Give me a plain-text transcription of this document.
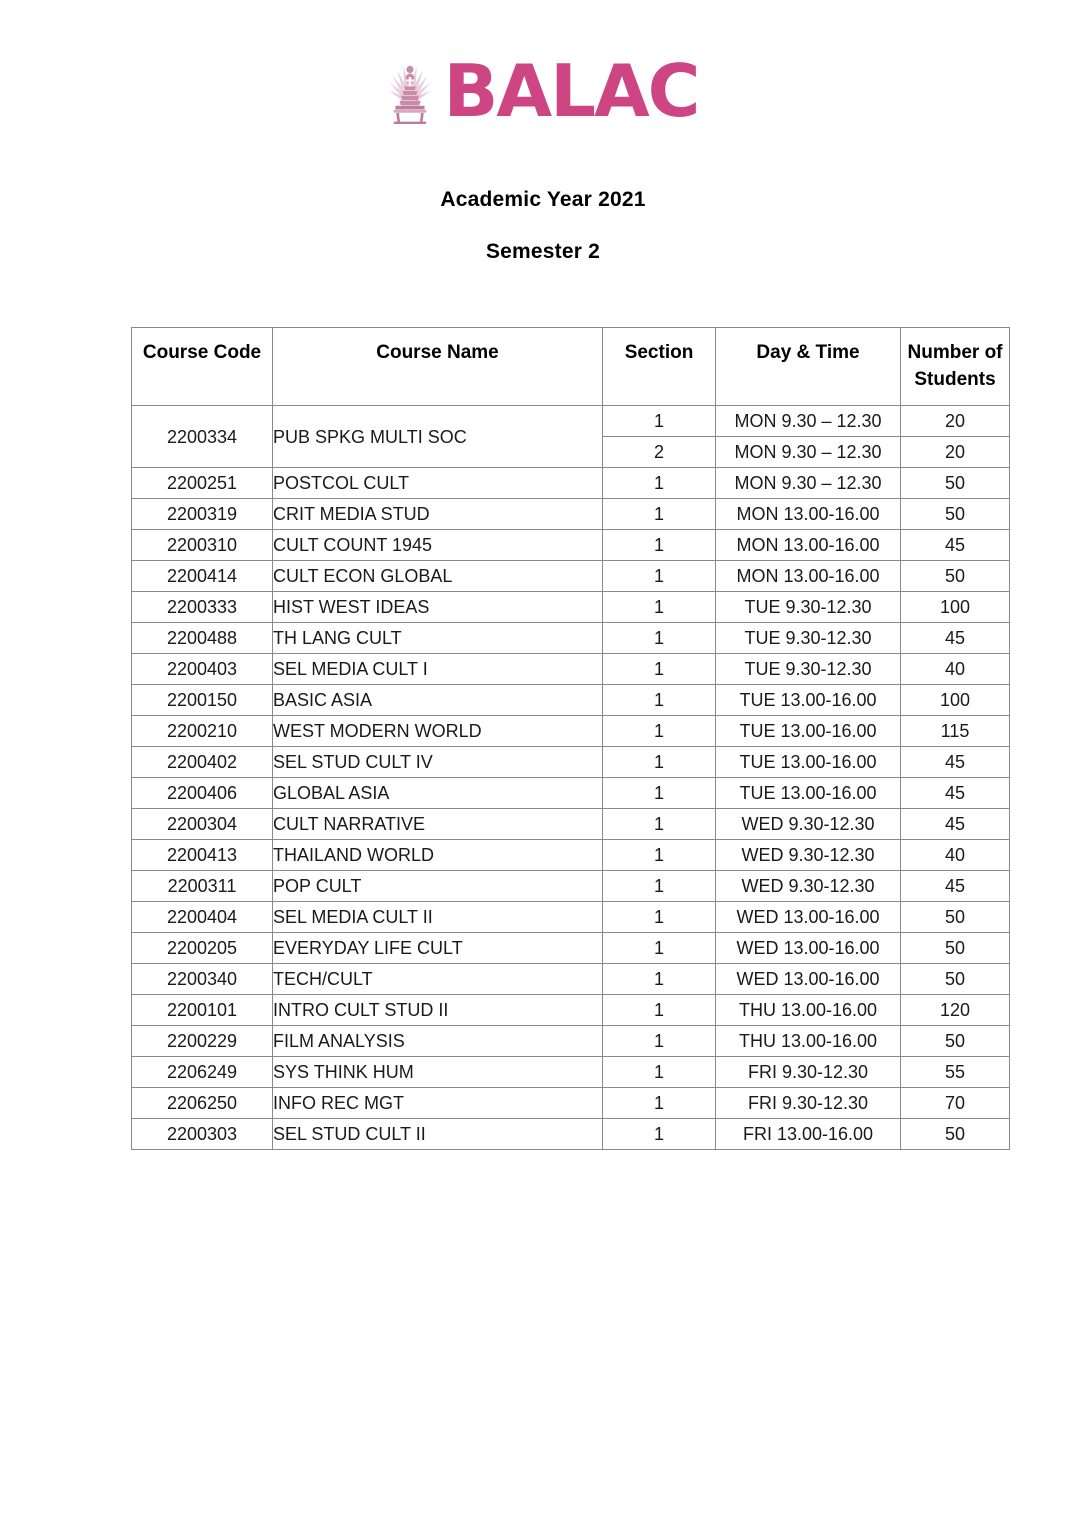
BALAC
Academic Year 2021
Semester 2
Course Code	Course Name	Section	Day & Time	Number of
Students
2200334	PUB SPKG MULTI SOC	1	MON 9.30 – 12.30	20
		2	MON 9.30 – 12.30	20
2200251	POSTCOL CULT	1	MON 9.30 – 12.30	50
2200319	CRIT MEDIA STUD	1	MON 13.00-16.00	50
2200310	CULT COUNT 1945	1	MON 13.00-16.00	45
2200414	CULT ECON GLOBAL	1	MON 13.00-16.00	50
2200333	HIST WEST IDEAS	1	TUE 9.30-12.30	100
2200488	TH LANG CULT	1	TUE 9.30-12.30	45
2200403	SEL MEDIA CULT I	1	TUE 9.30-12.30	40
2200150	BASIC ASIA	1	TUE 13.00-16.00	100
2200210	WEST MODERN WORLD	1	TUE 13.00-16.00	115
2200402	SEL STUD CULT IV	1	TUE 13.00-16.00	45
2200406	GLOBAL ASIA	1	TUE 13.00-16.00	45
2200304	CULT NARRATIVE	1	WED 9.30-12.30	45
2200413	THAILAND WORLD	1	WED 9.30-12.30	40
2200311	POP CULT	1	WED 9.30-12.30	45
2200404	SEL MEDIA CULT II	1	WED 13.00-16.00	50
2200205	EVERYDAY LIFE CULT	1	WED 13.00-16.00	50
2200340	TECH/CULT	1	WED 13.00-16.00	50
2200101	INTRO CULT STUD II	1	THU 13.00-16.00	120
2200229	FILM ANALYSIS	1	THU 13.00-16.00	50
2206249	SYS THINK HUM	1	FRI 9.30-12.30	55
2206250	INFO REC MGT	1	FRI 9.30-12.30	70
2200303	SEL STUD CULT II	1	FRI 13.00-16.00	50
